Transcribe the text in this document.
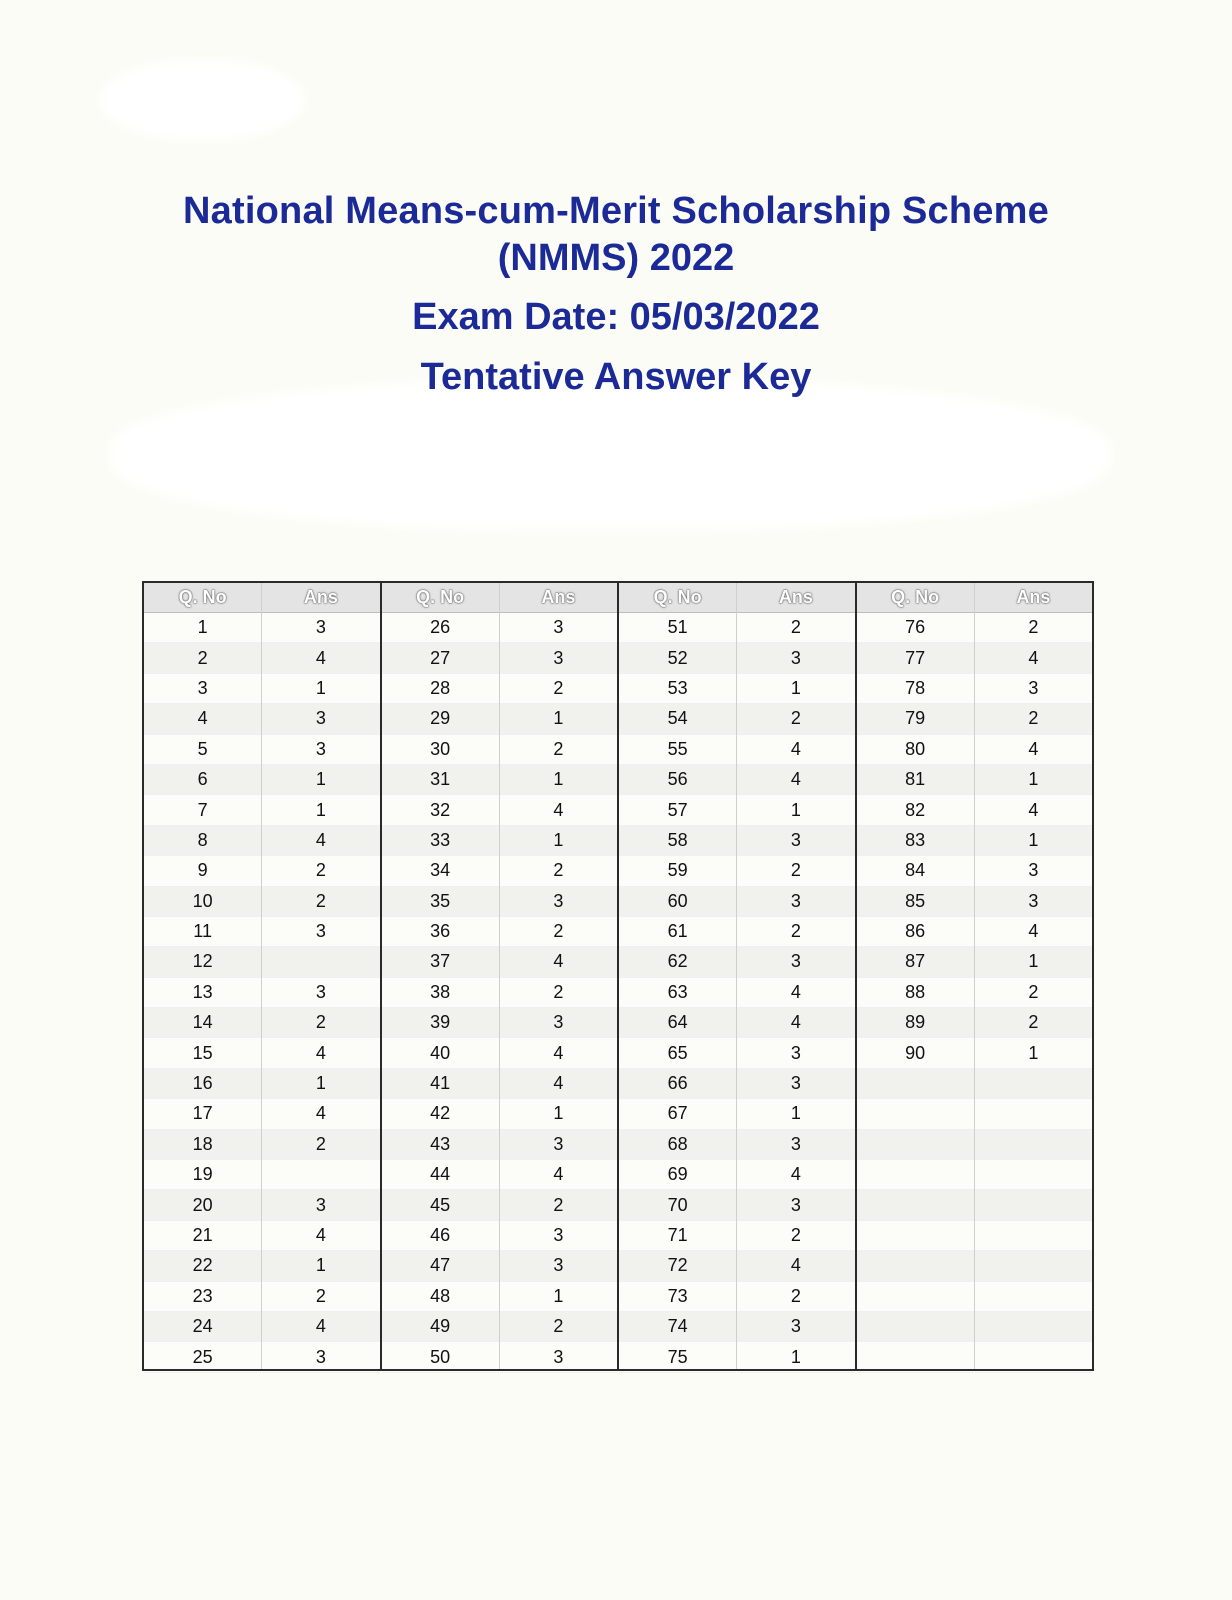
National Means-cum-Merit Scholarship Scheme
(NMMS) 2022
Exam Date: 05/03/2022
Tentative Answer Key
Q. No
1
2
3
4
5
6
7
8
9
10
11
12
13
14
15
16
17
18
19
20
21
22
23
24
25
Ans
3
4
1
3
3
1
1
4
2
2
3
3
2
4
1
4
2
3
4
1
2
4
3
Q. No
26
27
28
29
30
31
32
33
34
35
36
37
38
39
40
41
42
43
44
45
46
47
48
49
50
Ans
3
3
2
1
2
1
4
1
2
3
2
4
2
3
4
4
1
3
4
2
3
3
1
2
3
Q. No
51
52
53
54
55
56
57
58
59
60
61
62
63
64
65
66
67
68
69
70
71
72
73
74
75
Ans
2
3
1
2
4
4
1
3
2
3
2
3
4
4
3
3
1
3
4
3
2
4
2
3
1
Q. No
76
77
78
79
80
81
82
83
84
85
86
87
88
89
90
Ans
2
4
3
2
4
1
4
1
3
3
4
1
2
2
1
